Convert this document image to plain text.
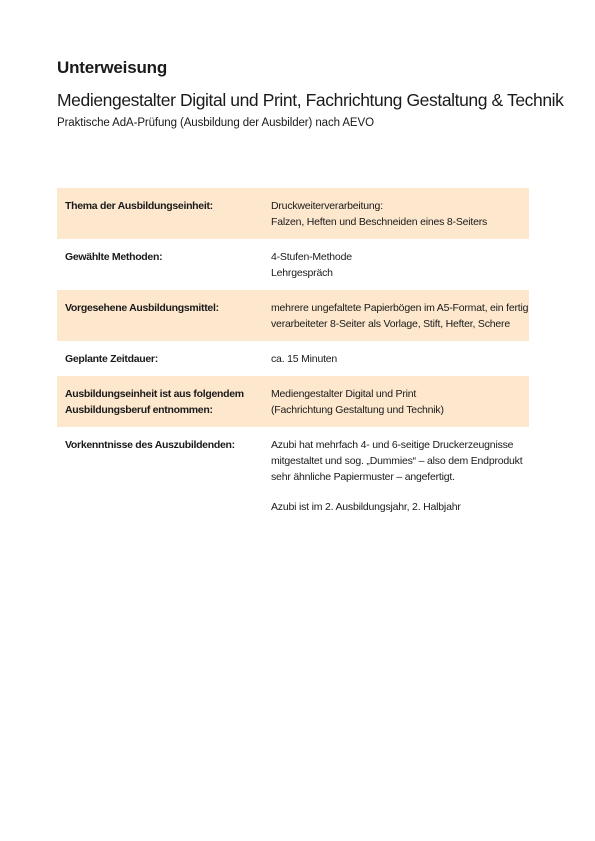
Unterweisung
Mediengestalter Digital und Print, Fachrichtung Gestaltung & Technik

Praktische AdA-Prüfung (Ausbildung der Ausbilder) nach AEVO

Thema der Ausbildungseinheit:	Druckweiterverarbeitung:
Falzen, Heften und Beschneiden eines 8-Seiters
Gewählte Methoden:	4-Stufen-Methode
Lehrgespräch
Vorgesehene Ausbildungsmittel:	mehrere ungefaltete Papierbögen im A5-Format, ein fertig
verarbeiteter 8-Seiter als Vorlage, Stift, Hefter, Schere
Geplante Zeitdauer:	ca. 15 Minuten
Ausbildungseinheit ist aus folgendem
Ausbildungsberuf entnommen:
Mediengestalter Digital und Print
(Fachrichtung Gestaltung und Technik)
Vorkenntnisse des Auszubildenden:	Azubi hat mehrfach 4- und 6-seitige Druckerzeugnisse
mitgestaltet und sog. „Dummies“ – also dem Endprodukt
sehr ähnliche Papiermuster – angefertigt.
Azubi ist im 2. Ausbildungsjahr, 2. Halbjahr
